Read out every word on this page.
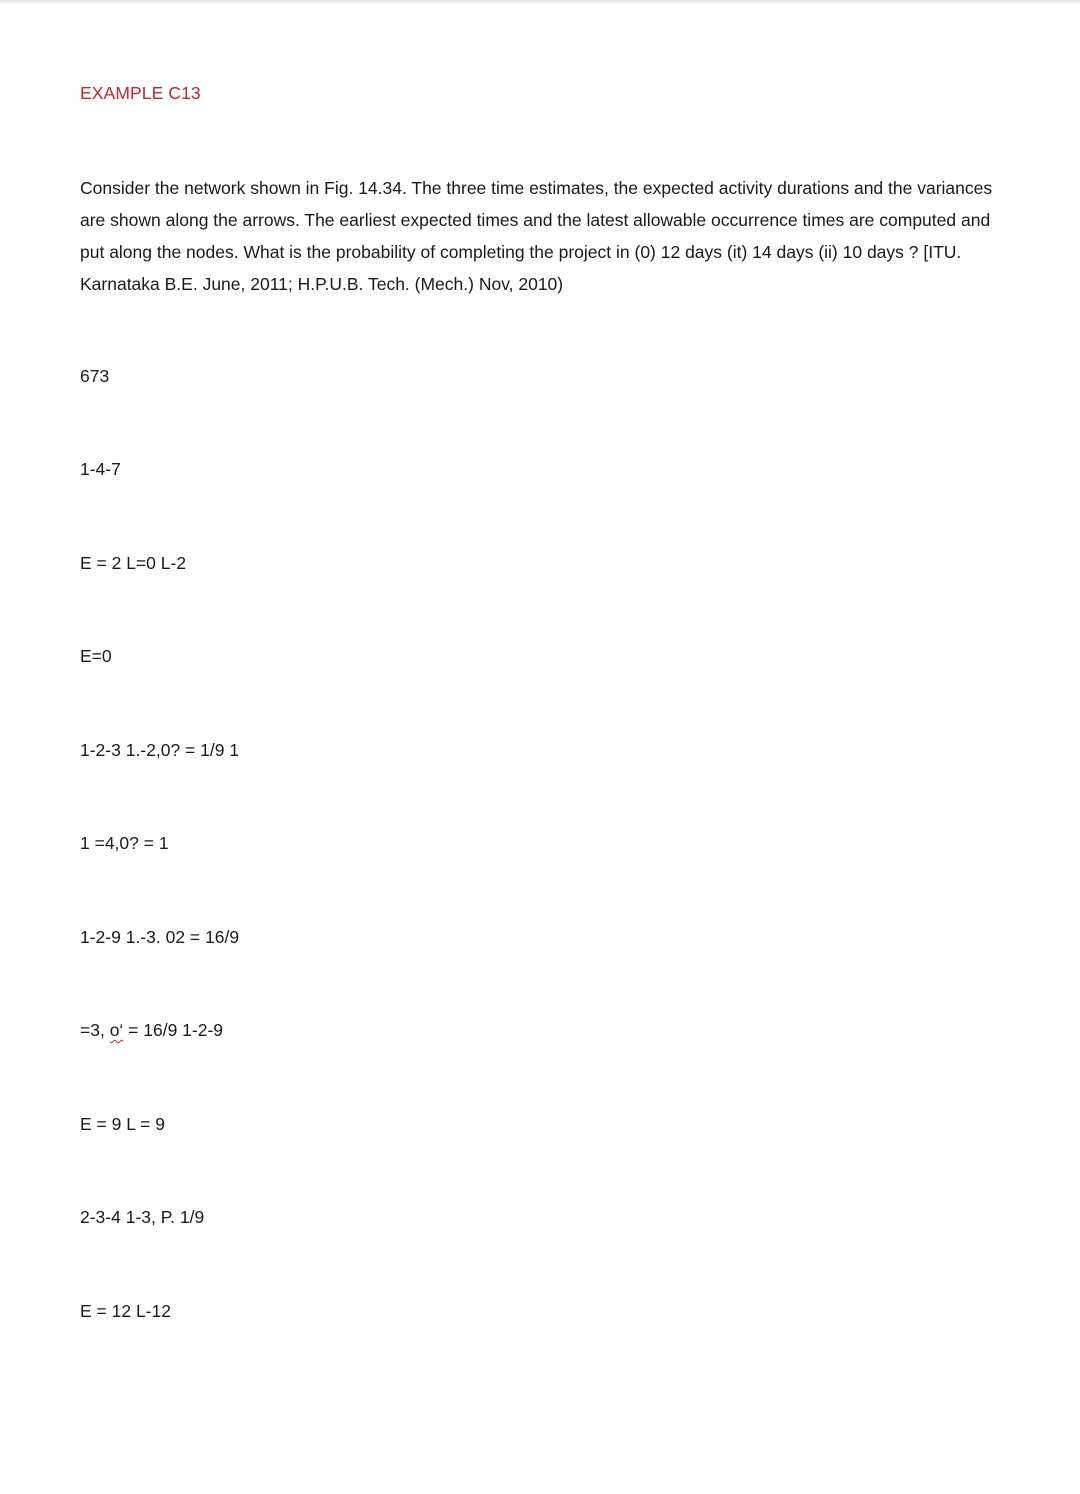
EXAMPLE C13
Consider the network shown in Fig. 14.34. The three time estimates, the expected activity durations and the variances are shown along the arrows. The earliest expected times and the latest allowable occurrence times are computed and put along the nodes. What is the probability of completing the project in (0) 12 days (it) 14 days (ii) 10 days ? [ITU. Karnataka B.E. June, 2011; H.P.U.B. Tech. (Mech.) Nov, 2010)
673
1-4-7
E = 2 L=0 L-2
E=0
1-2-3 1.-2,0? = 1/9 1
1 =4,0? = 1
1-2-9 1.-3. 02 = 16/9
=3, o‘ = 16/9 1-2-9
E = 9 L = 9
2-3-4 1-3, P. 1/9
E = 12 L-12
